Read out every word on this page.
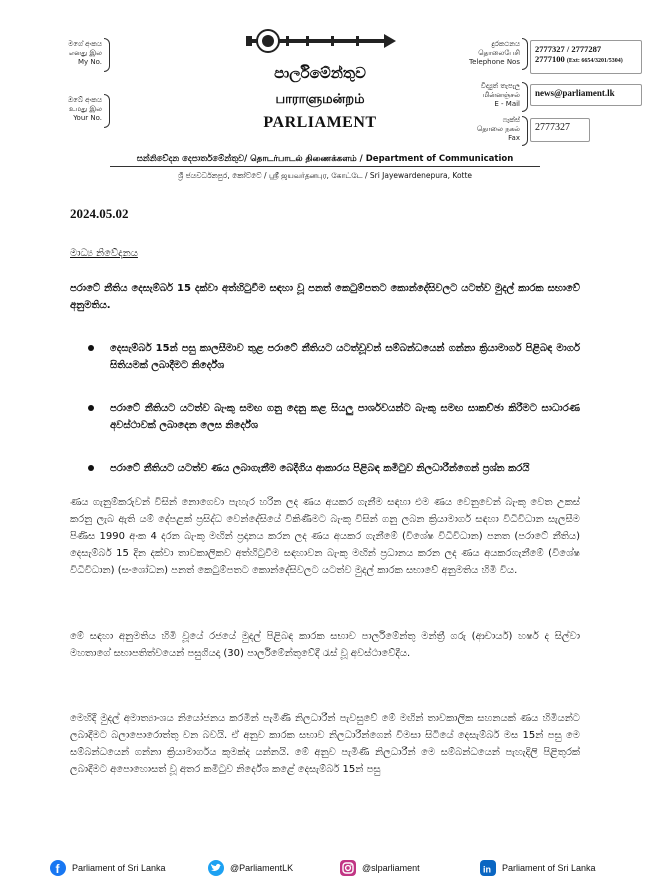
මගේ අංකය
எனது இல
My No.
ඔබේ අංකය
உமது இல
Your No.
පාර්ලිමේන්තුව
பாராளுமன்றம்
PARLIAMENT
දුරකථනය
தொலைபேசி
Telephone Nos
2777327 / 2777287
2777100 (Ext: 6654/3201/5304)
විද්‍යුත් තැපැල
மின்னஞ்சல்
E - Mail
news@parliament.lk
ෆැක්ස්
தொலை நகல்
Fax
2777327
සන්නිවේදන දෙපාර්තමේන්තුව/ தொடர்பாடல் திணைக்களம் / Department of Communication
ශ්‍රී ජයවර්ධනපුර, කෝට්ටේ / ஸ்ரீ ஜயவர்தனபுர, கோட்டே / Sri Jayewardenepura, Kotte
2024.05.02
මාධ්‍ය නිවේදනය
පරාටේ නීතිය දෙසැම්බර් 15 දක්වා අත්හිටුවීම සඳහා වූ පනත් කෙටුම්පතට කොන්දේසිවලට යටත්ව මුදල් කාරක සභාවේ අනුමතිය.
දෙසැම්බර් 15න් පසු කාලසීමාව තුළ පරාටේ නීතියට යටත්වූවන් සම්බන්ධයෙන් ගන්නා ක්‍රියාමාර්ග පිළිබඳ මාර්ග සිතියමක් ලබාදීමට නිර්දේශ
පරාටේ නීතියට යටත්ව බැංකු සමඟ ගනු දෙනු කළ සියලු පාර්ශවයන්ට බැංකු සමඟ සාකච්ඡා කිරීමට සාධාරණ අවස්ථාවක් ලබාදෙන ලෙස නිර්දේශ
පරාටේ නීතියට යටත්ව ණය ලබාගැනීම බෙදීගිය ආකාරය පිළිබඳ කමිටුව නිලධාරීන්ගෙන් ප්‍රශ්න කරයි
ණය ගැනුම්කරුවන් විසින් නොගෙවා පැහැර හරින ලද ණය අයකර ගැනීම සඳහා එම ණය වෙනුවෙන් බැංකු වෙත උකස් කරනු ලැබ ඇති යම් දේපළක් ප්‍රසිද්ධ වෙන්දේසියේ විකිණීමට බැංකු විසින් ගනු ලබන ක්‍රියාමාර්ග සඳහා විධිවිධාන සැලසීම පිණිස 1990 අංක 4 දරන බැංකු මඟින් ප්‍රදානය කරන ලද ණය අයකර ගැනීමේ (විශේෂ විධිවිධාන) පනත (පරාටේ නීතිය) දෙසැම්බර් 15 දින දක්වා තාවකාලිකව අත්හිටුවීම සඳහාවන බැංකු මඟින් ප්‍රධානය කරන ලද ණය අයකරගැනීමේ (විශේෂ විධිවිධාන) (සංශෝධන) පනත් කෙටුම්පතට කොන්දේසිවලට යටත්ව මුදල් කාරක සභාවේ අනුමතිය හිමි විය.
මේ සඳහා අනුමතිය හිමි වූයේ රජයේ මුදල් පිළිබඳ කාරක සභාව පාර්ලිමේන්තු මන්ත්‍රී ගරු (ආචාර්ය) හර්ෂ ද සිල්වා මහතාගේ සභාපතිත්වයෙන් පසුගියදා (30) පාර්ලිමේන්තුවේදී රැස් වූ අවස්ථාවේදීය.
මෙහිදී මුදල් අමාත්‍යාංශය නියෝජනය කරමින් පැමිණි නිලධාරීන් පැවසුවේ මේ මඟින් තාවකාලික සහනයක් ණය හිමියන්ට ලබාදීමට බලාපොරොත්තු වන බවයි. ඒ අනුව කාරක සභාව නිලධාරීන්ගෙන් විමසා සිටියේ දෙසැම්බර් මස 15න් පසු මෙ සම්බන්ධයෙන් ගන්නා ක්‍රියාමාර්ගය කුමක්ද යන්නයි. මේ අනුව පැමිණි නිලධාරීන් මෙ සම්බන්ධයෙන් පැහැදිලි පිළිතුරක් ලබාදීමට අපොහොසත් වූ අතර කමිටුව නිර්දේශ කළේ දෙසැම්බර් 15න් පසු
f Parliament of Sri Lanka	@ParliamentLK	@slparliament	in Parliament of Sri Lanka
